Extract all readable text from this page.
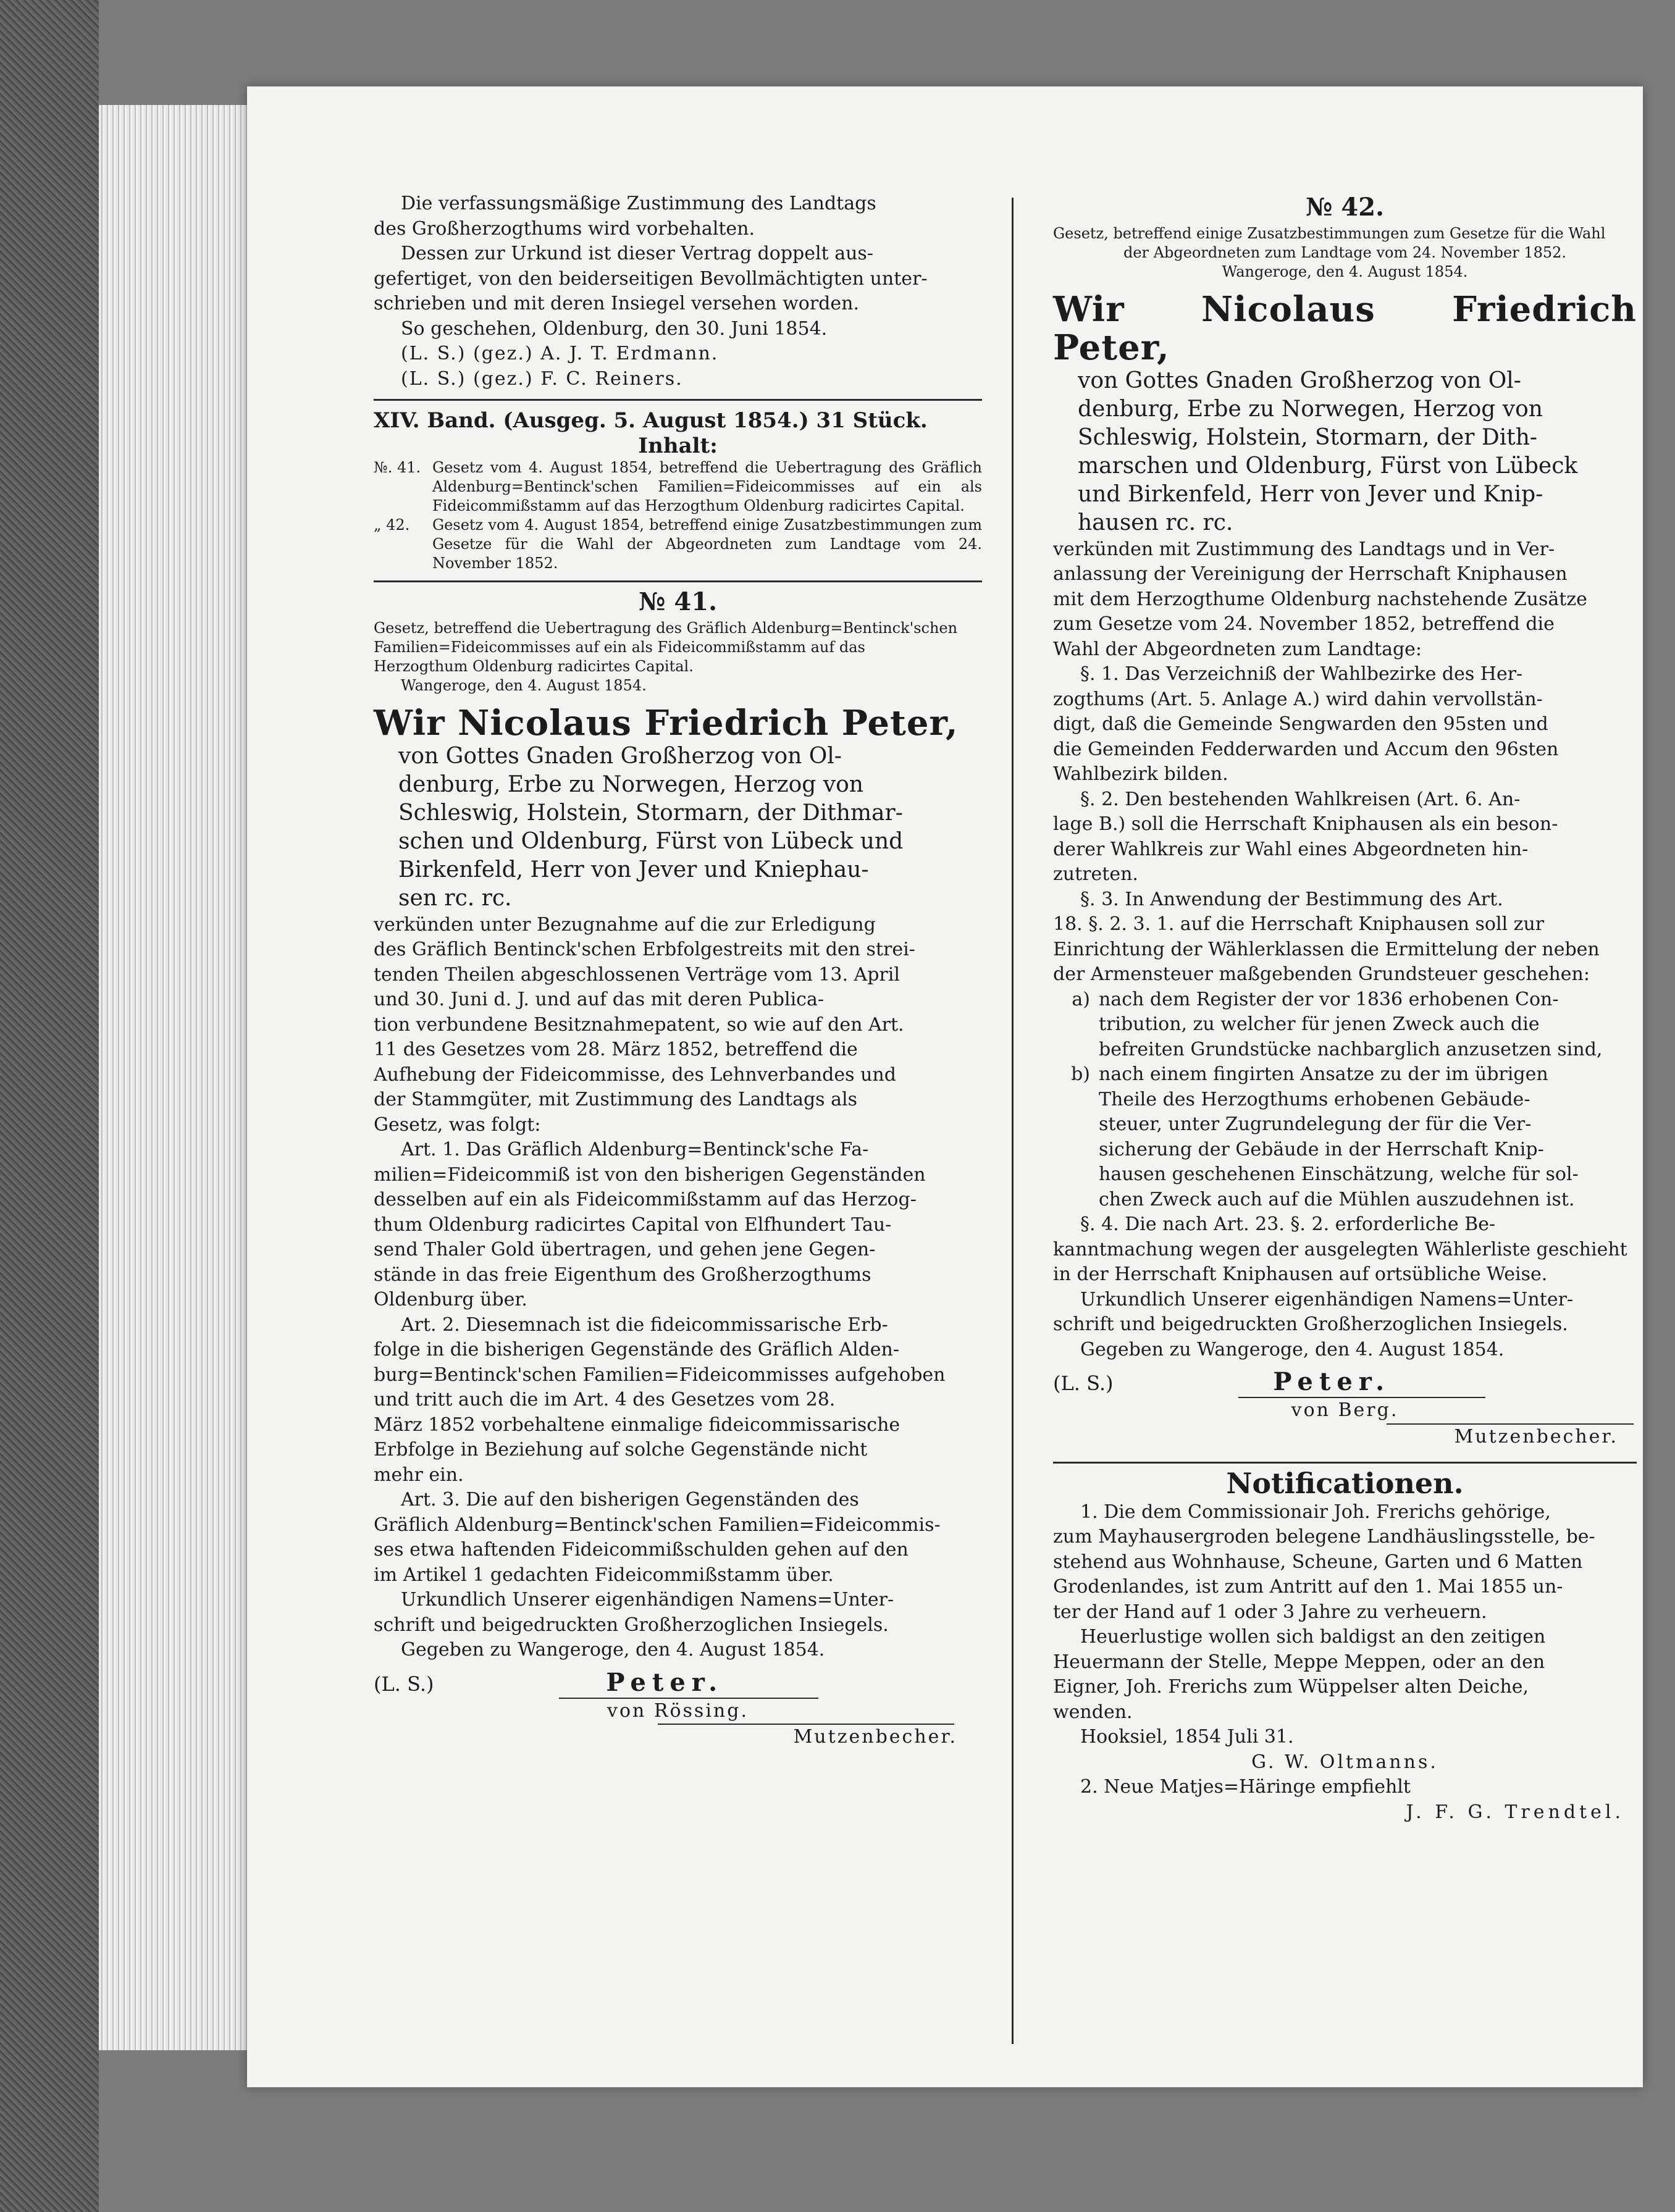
Die verfassungsmäßige Zustimmung des Landtags
des Großherzogthums wird vorbehalten.
Dessen zur Urkund ist dieser Vertrag doppelt aus-
gefertiget, von den beiderseitigen Bevollmächtigten unter-
schrieben und mit deren Insiegel versehen worden.
So geschehen, Oldenburg, den 30. Juni 1854.
(L. S.) (gez.) A. J. T. Erdmann.
(L. S.) (gez.) F. C. Reiners.
XIV. Band. (Ausgeg. 5. August 1854.) 31 Stück.
Inhalt:
№. 41. Gesetz vom 4. August 1854, betreffend die Uebertragung des Gräflich Aldenburg=Bentinck'schen Familien=Fideicommisses auf ein als Fideicommißstamm auf das Herzogthum Oldenburg radicirtes Capital.
„ 42.	Gesetz vom 4. August 1854, betreffend einige Zusatzbestimmungen zum Gesetze für die Wahl der Abgeordneten zum Landtage vom 24. November 1852.
№ 41.
Gesetz, betreffend die Uebertragung des Gräflich Aldenburg=Bentinck'schen
Familien=Fideicommisses auf ein als Fideicommißstamm auf das
Herzogthum Oldenburg radicirtes Capital.
Wangeroge, den 4. August 1854.
Wir Nicolaus Friedrich Peter,
von Gottes Gnaden Großherzog von Ol-
denburg, Erbe zu Norwegen, Herzog von
Schleswig, Holstein, Stormarn, der Dithmar-
schen und Oldenburg, Fürst von Lübeck und
Birkenfeld, Herr von Jever und Kniephau-
sen rc. rc.
verkünden unter Bezugnahme auf die zur Erledigung
des Gräflich Bentinck'schen Erbfolgestreits mit den strei-
tenden Theilen abgeschlossenen Verträge vom 13. April
und 30. Juni d. J. und auf das mit deren Publica-
tion verbundene Besitznahmepatent, so wie auf den Art.
11 des Gesetzes vom 28. März 1852, betreffend die
Aufhebung der Fideicommisse, des Lehnverbandes und
der Stammgüter, mit Zustimmung des Landtags als
Gesetz, was folgt:
Art. 1. Das Gräflich Aldenburg=Bentinck'sche Fa-
milien=Fideicommiß ist von den bisherigen Gegenständen
desselben auf ein als Fideicommißstamm auf das Herzog-
thum Oldenburg radicirtes Capital von Elfhundert Tau-
send Thaler Gold übertragen, und gehen jene Gegen-
stände in das freie Eigenthum des Großherzogthums
Oldenburg über.
Art. 2. Diesemnach ist die fideicommissarische Erb-
folge in die bisherigen Gegenstände des Gräflich Alden-
burg=Bentinck'schen Familien=Fideicommisses aufgehoben
und tritt auch die im Art. 4 des Gesetzes vom 28.
März 1852 vorbehaltene einmalige fideicommissarische
Erbfolge in Beziehung auf solche Gegenstände nicht
mehr ein.
Art. 3. Die auf den bisherigen Gegenständen des
Gräflich Aldenburg=Bentinck'schen Familien=Fideicommis-
ses etwa haftenden Fideicommißschulden gehen auf den
im Artikel 1 gedachten Fideicommißstamm über.
Urkundlich Unserer eigenhändigen Namens=Unter-
schrift und beigedruckten Großherzoglichen Insiegels.
Gegeben zu Wangeroge, den 4. August 1854.
(L. S.)	Peter.
von Rössing.
Mutzenbecher.
№ 42.
Gesetz, betreffend einige Zusatzbestimmungen zum Gesetze für die Wahl
der Abgeordneten zum Landtage vom 24. November 1852.
Wangeroge, den 4. August 1854.
Wir Nicolaus Friedrich Peter,
von Gottes Gnaden Großherzog von Ol-
denburg, Erbe zu Norwegen, Herzog von
Schleswig, Holstein, Stormarn, der Dith-
marschen und Oldenburg, Fürst von Lübeck
und Birkenfeld, Herr von Jever und Knip-
hausen rc. rc.
verkünden mit Zustimmung des Landtags und in Ver-
anlassung der Vereinigung der Herrschaft Kniphausen
mit dem Herzogthume Oldenburg nachstehende Zusätze
zum Gesetze vom 24. November 1852, betreffend die
Wahl der Abgeordneten zum Landtage:
§. 1. Das Verzeichniß der Wahlbezirke des Her-
zogthums (Art. 5. Anlage A.) wird dahin vervollstän-
digt, daß die Gemeinde Sengwarden den 95sten und
die Gemeinden Fedderwarden und Accum den 96sten
Wahlbezirk bilden.
§. 2. Den bestehenden Wahlkreisen (Art. 6. An-
lage B.) soll die Herrschaft Kniphausen als ein beson-
derer Wahlkreis zur Wahl eines Abgeordneten hin-
zutreten.
§. 3. In Anwendung der Bestimmung des Art.
18. §. 2. 3. 1. auf die Herrschaft Kniphausen soll zur
Einrichtung der Wählerklassen die Ermittelung der neben
der Armensteuer maßgebenden Grundsteuer geschehen:
a) nach dem Register der vor 1836 erhobenen Con-
tribution, zu welcher für jenen Zweck auch die
befreiten Grundstücke nachbarglich anzusetzen sind,
b) nach einem fingirten Ansatze zu der im übrigen
Theile des Herzogthums erhobenen Gebäude-
steuer, unter Zugrundelegung der für die Ver-
sicherung der Gebäude in der Herrschaft Knip-
hausen geschehenen Einschätzung, welche für sol-
chen Zweck auch auf die Mühlen auszudehnen ist.
§. 4. Die nach Art. 23. §. 2. erforderliche Be-
kanntmachung wegen der ausgelegten Wählerliste geschieht
in der Herrschaft Kniphausen auf ortsübliche Weise.
Urkundlich Unserer eigenhändigen Namens=Unter-
schrift und beigedruckten Großherzoglichen Insiegels.
Gegeben zu Wangeroge, den 4. August 1854.
(L. S.)	Peter.
von Berg.
Mutzenbecher.
Notificationen.
1. Die dem Commissionair Joh. Frerichs gehörige,
zum Mayhausergroden belegene Landhäuslingsstelle, be-
stehend aus Wohnhause, Scheune, Garten und 6 Matten
Grodenlandes, ist zum Antritt auf den 1. Mai 1855 un-
ter der Hand auf 1 oder 3 Jahre zu verheuern.
Heuerlustige wollen sich baldigst an den zeitigen
Heuermann der Stelle, Meppe Meppen, oder an den
Eigner, Joh. Frerichs zum Wüppelser alten Deiche,
wenden.
Hooksiel, 1854 Juli 31.
G. W. Oltmanns.
2. Neue Matjes=Häringe empfiehlt
J. F. G. Trendtel.
